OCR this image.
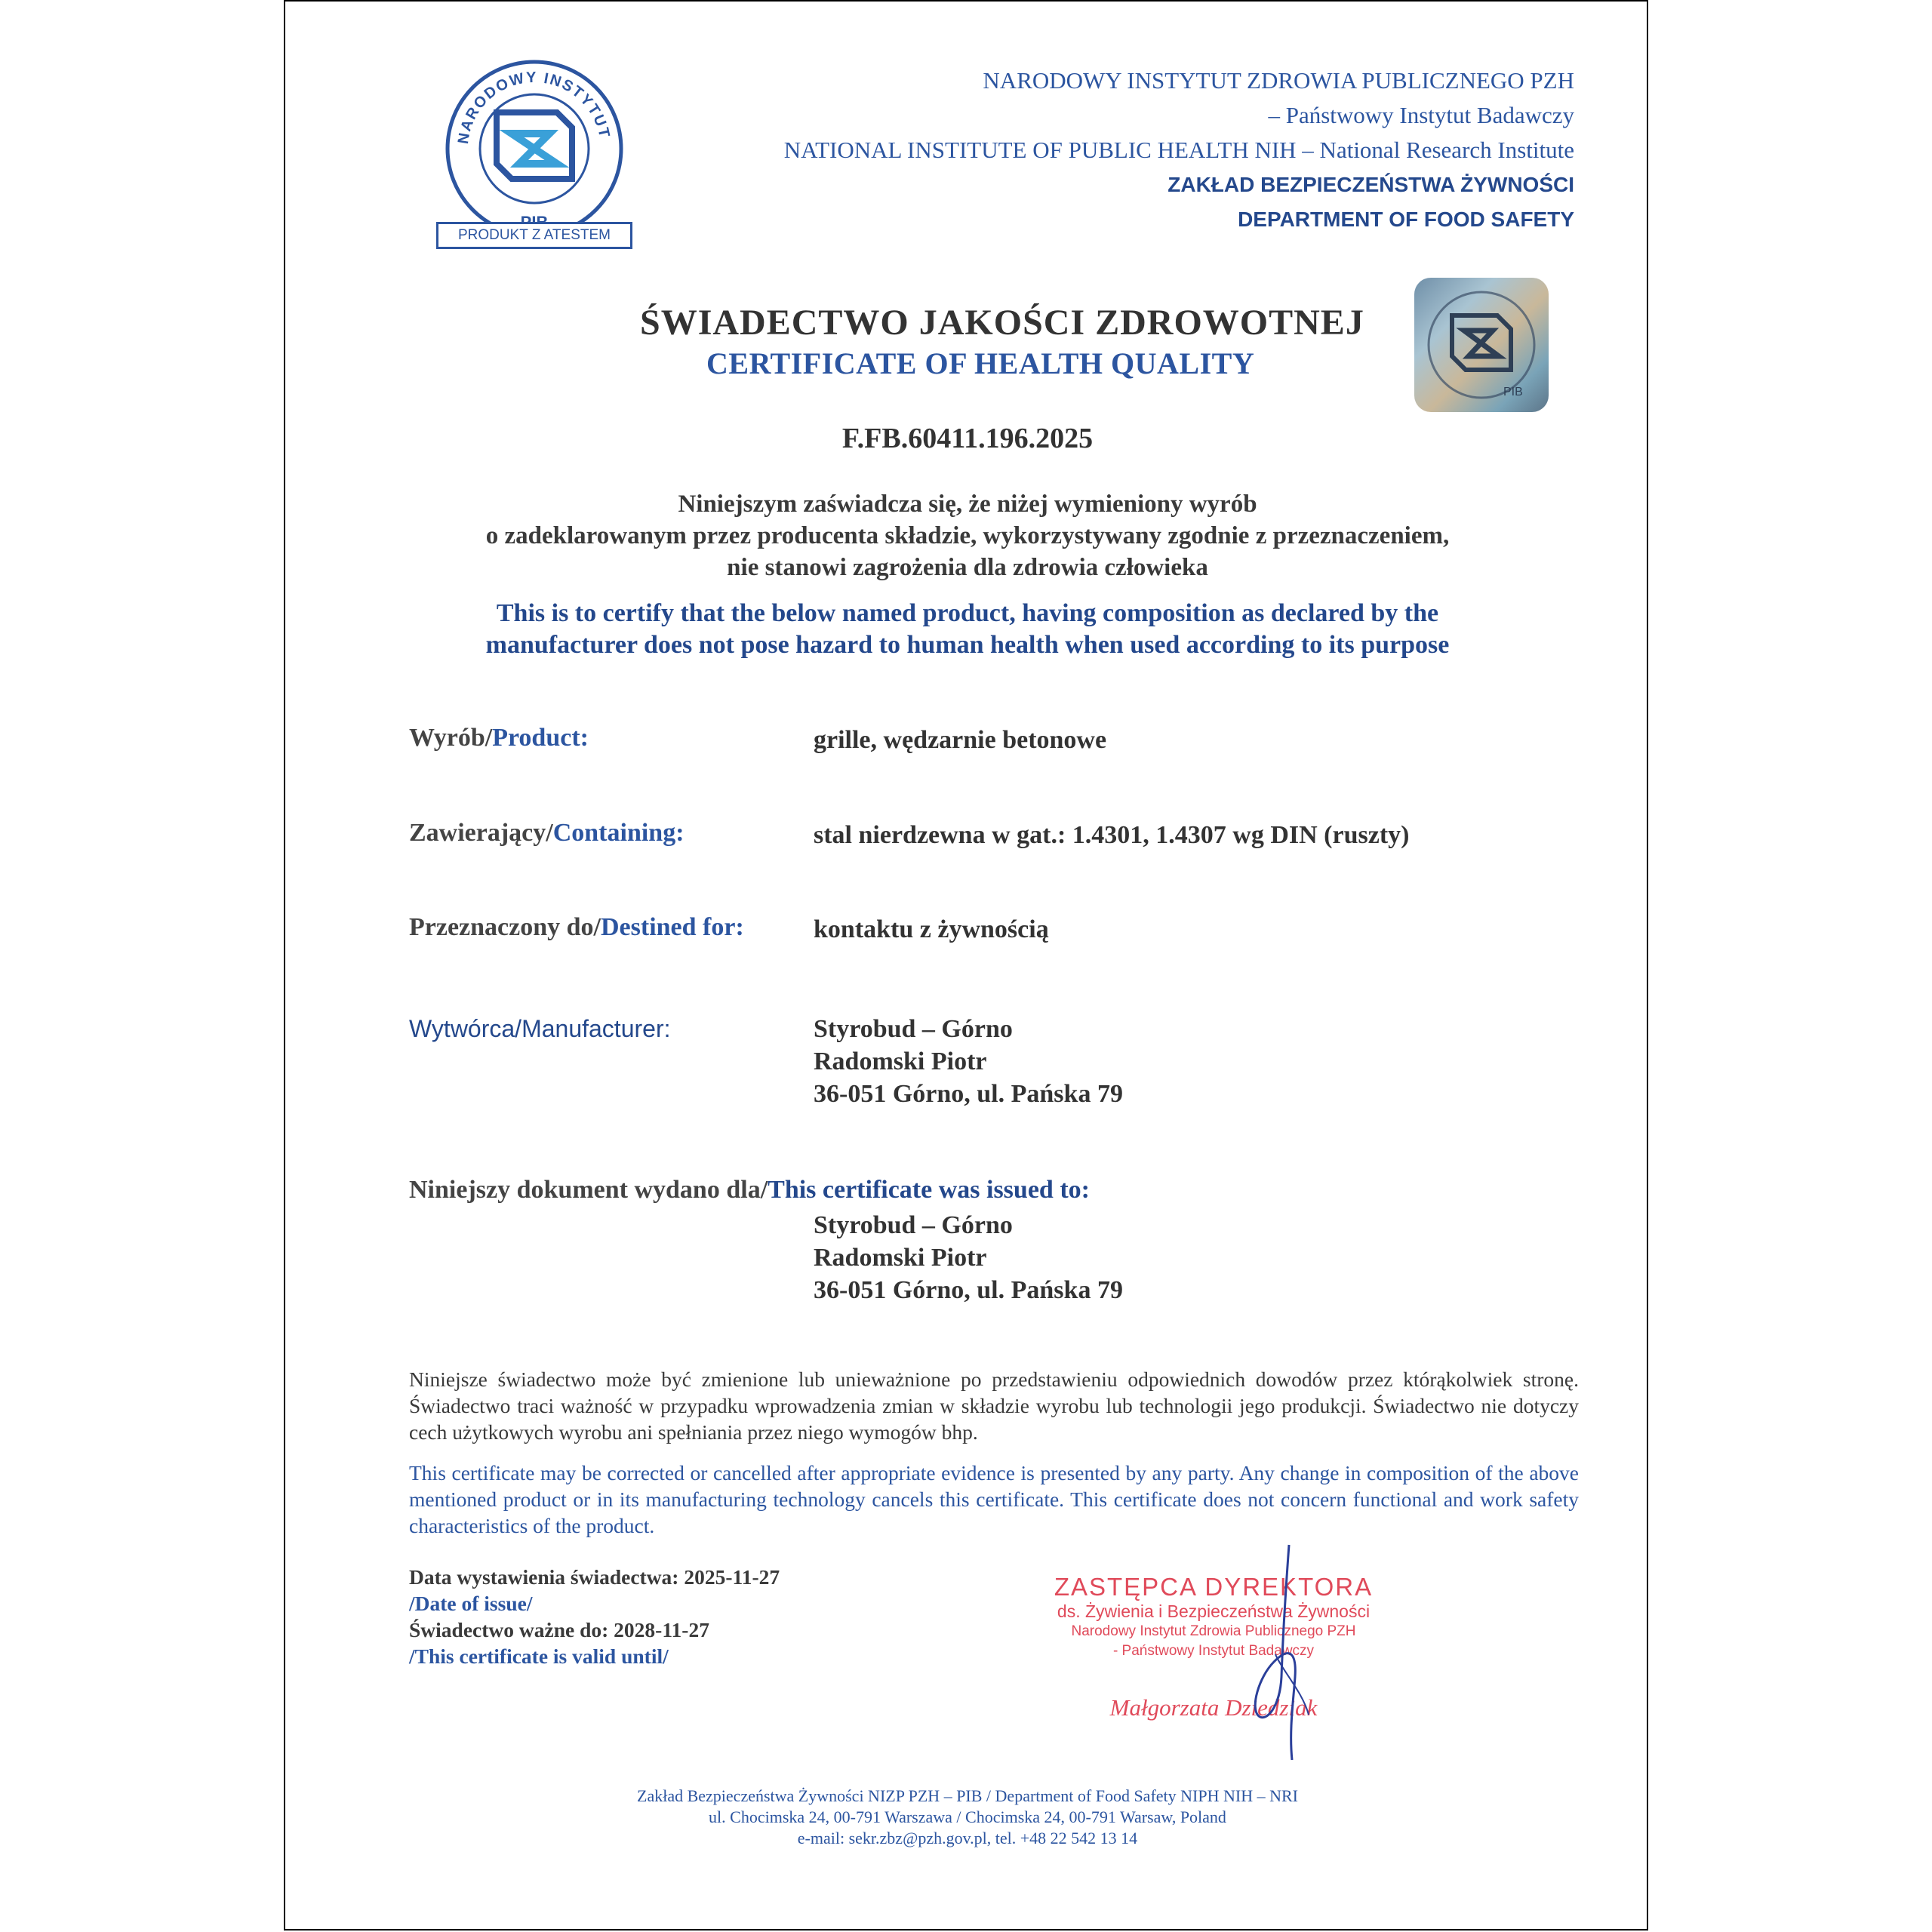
NARODOWY INSTYTUT
PRODUKT Z ATESTEM
NARODOWY INSTYTUT ZDROWIA PUBLICZNEGO PZH
– Państwowy Instytut Badawczy
NATIONAL INSTITUTE OF PUBLIC HEALTH NIH – National Research Institute
ZAKŁAD BEZPIECZEŃSTWA ŻYWNOŚCI
DEPARTMENT OF FOOD SAFETY
PIB
ŚWIADECTWO JAKOŚCI ZDROWOTNEJ
CERTIFICATE OF HEALTH QUALITY
F.FB.60411.196.2025
Niniejszym zaświadcza się, że niżej wymieniony wyrób
o zadeklarowanym przez producenta składzie, wykorzystywany zgodnie z przeznaczeniem,
nie stanowi zagrożenia dla zdrowia człowieka
This is to certify that the below named product, having composition as declared by the
manufacturer does not pose hazard to human health when used according to its purpose
Wyrób/Product:	grille, wędzarnie betonowe
Zawierający/Containing:	stal nierdzewna w gat.: 1.4301, 1.4307 wg DIN (ruszty)
Przeznaczony do/Destined for:	kontaktu z żywnością
Wytwórca/Manufacturer:	Styrobud – Górno
Radomski Piotr
36-051 Górno, ul. Pańska 79
Niniejszy dokument wydano dla/This certificate was issued to:
Styrobud – Górno
Radomski Piotr
36-051 Górno, ul. Pańska 79
Niniejsze świadectwo może być zmienione lub unieważnione po przedstawieniu odpowiednich dowodów przez którąkolwiek stronę. Świadectwo traci ważność w przypadku wprowadzenia zmian w składzie wyrobu lub technologii jego produkcji. Świadectwo nie dotyczy cech użytkowych wyrobu ani spełniania przez niego wymogów bhp.
This certificate may be corrected or cancelled after appropriate evidence is presented by any party. Any change in composition of the above mentioned product or in its manufacturing technology cancels this certificate. This certificate does not concern functional and work safety characteristics of the product.
Data wystawienia świadectwa: 2025-11-27
/Date of issue/
Świadectwo ważne do: 2028-11-27
/This certificate is valid until/
ZASTĘPCA DYREKTORA
ds. Żywienia i Bezpieczeństwa Żywności
Narodowy Instytut Zdrowia Publicznego PZH
- Państwowy Instytut Badawczy
Małgorzata Dziedziak
Zakład Bezpieczeństwa Żywności NIZP PZH – PIB / Department of Food Safety NIPH NIH – NRI
ul. Chocimska 24, 00-791 Warszawa / Chocimska 24, 00-791 Warsaw, Poland
e-mail: sekr.zbz@pzh.gov.pl, tel. +48 22 542 13 14
